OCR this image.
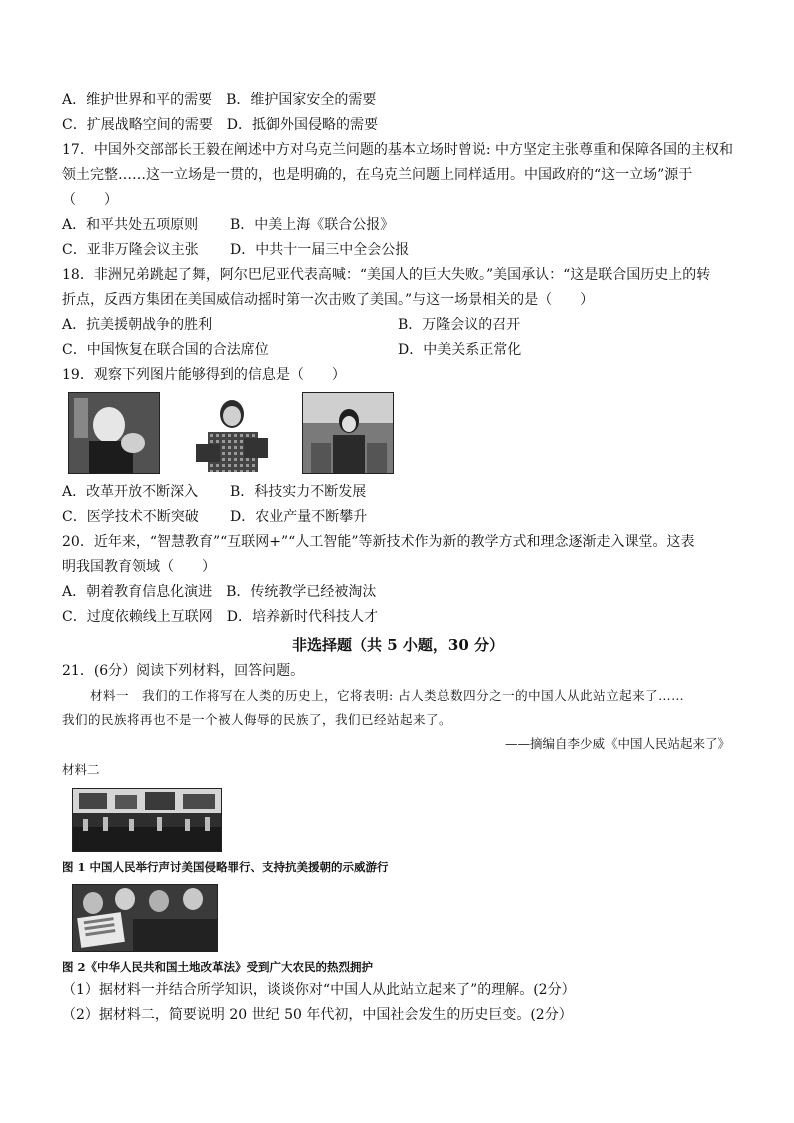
A．维护世界和平的需要 B．维护国家安全的需要
C．扩展战略空间的需要 D．抵御外国侵略的需要
17．中国外交部部长王毅在阐述中方对乌克兰问题的基本立场时曾说: 中方坚定主张尊重和保障各国的主权和
领土完整……这一立场是一贯的，也是明确的，在乌克兰问题上同样适用。中国政府的“这一立场”源于
（　　）
A．和平共处五项原则 B．中美上海《联合公报》
C．亚非万隆会议主张 D．中共十一届三中全会公报
18．非洲兄弟跳起了舞，阿尔巴尼亚代表高喊：“美国人的巨大失败。”美国承认：“这是联合国历史上的转
折点，反西方集团在美国威信动摇时第一次击败了美国。”与这一场景相关的是（　　）
A．抗美援朝战争的胜利	B．万隆会议的召开
C．中国恢复在联合国的合法席位	D．中美关系正常化
19．观察下列图片能够得到的信息是（　　）
A．改革开放不断深入 B．科技实力不断发展
C．医学技术不断突破 D．农业产量不断攀升
20．近年来，“智慧教育”“互联网+”“人工智能”等新技术作为新的教学方式和理念逐渐走入课堂。这表
明我国教育领域（　　）
A．朝着教育信息化演进 B．传统教学已经被淘汰
C．过度依赖线上互联网 D．培养新时代科技人才
非选择题（共 5 小题，30 分）
21．(6分）阅读下列材料，回答问题。
材料一　我们的工作将写在人类的历史上，它将表明: 占人类总数四分之一的中国人从此站立起来了……
我们的民族将再也不是一个被人侮辱的民族了，我们已经站起来了。
——摘编自李少威《中国人民站起来了》
材料二
图 1 中国人民举行声讨美国侵略罪行、支持抗美援朝的示威游行
图 2《中华人民共和国土地改革法》受到广大农民的热烈拥护
（1）据材料一并结合所学知识，谈谈你对“中国人从此站立起来了”的理解。(2分）
（2）据材料二，简要说明 20 世纪 50 年代初，中国社会发生的历史巨变。(2分）
